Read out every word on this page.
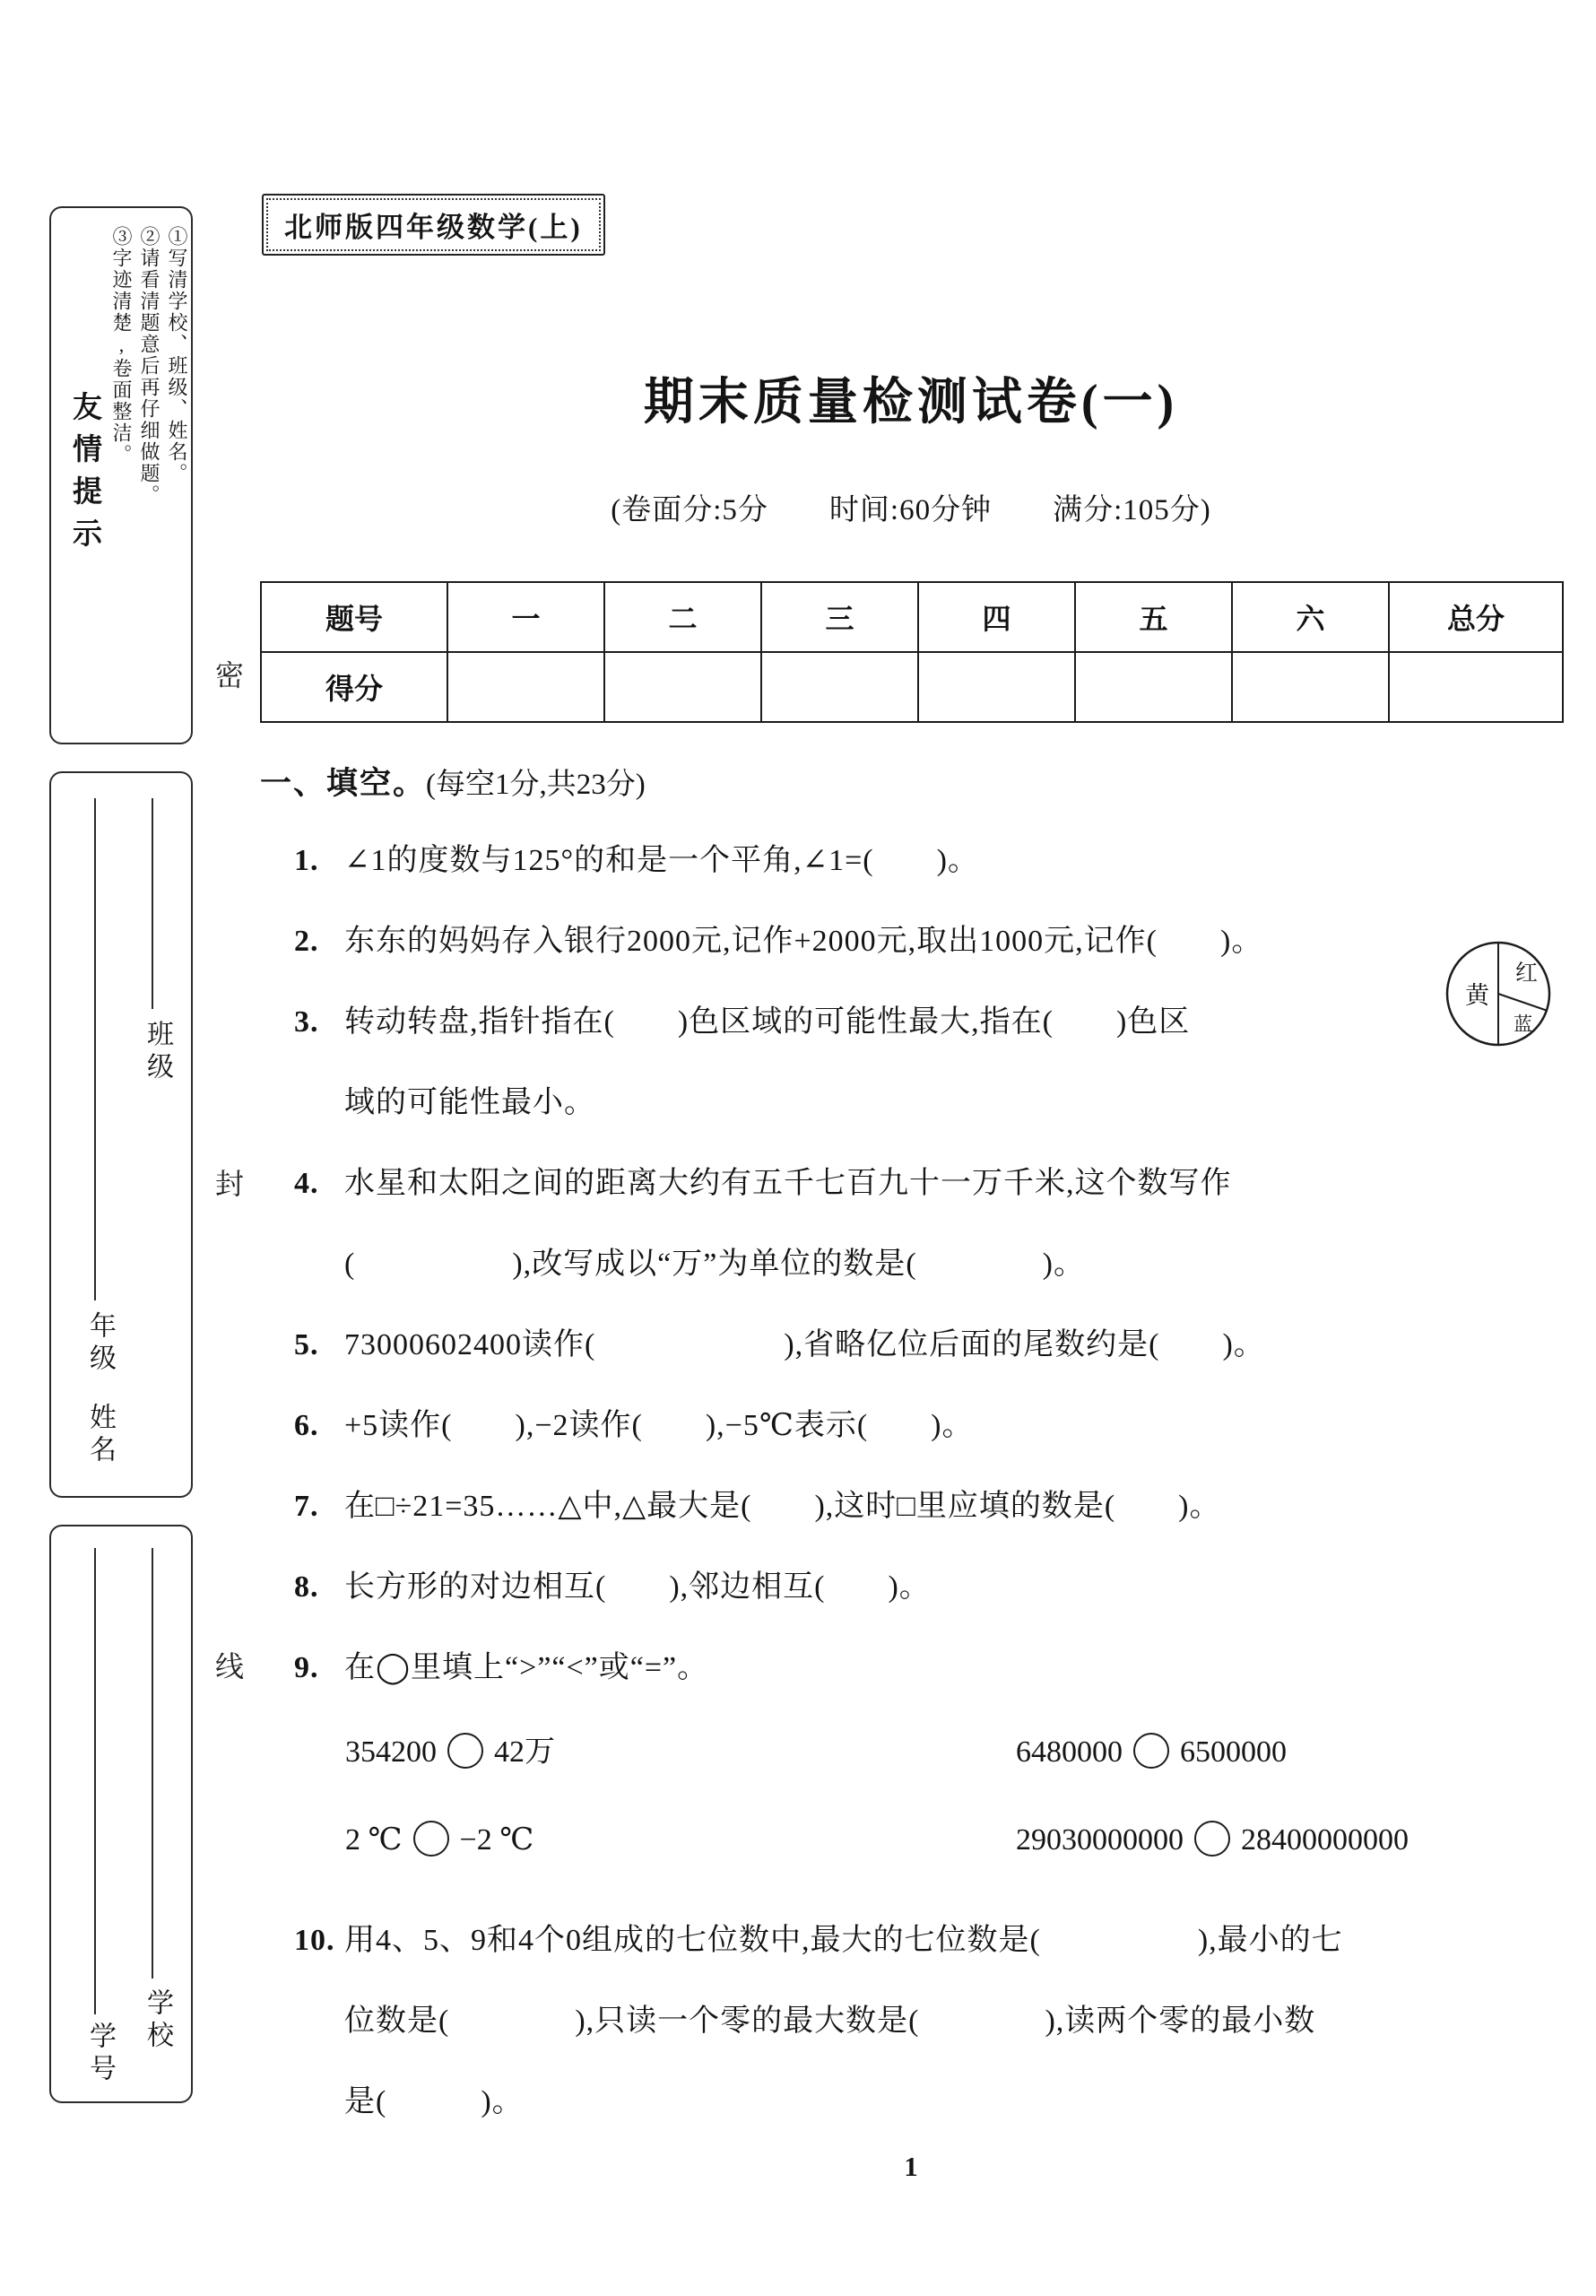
友情提示	①写清学校、班级、姓名。
②请看清题意后再仔细做题。
③字迹清楚,卷面整洁。
密
班级
年级
姓名
封
学校
学号
线
北师版四年级数学(上)
期末质量检测试卷(一)
(卷面分:5分　　时间:60分钟　　满分:105分)
题号	一	二	三	四	五	六	总分
得分							
一、填空。(每空1分,共23分)
黄
红
蓝
1. ∠1的度数与125°的和是一个平角,∠1=(　　)。
2. 东东的妈妈存入银行2000元,记作+2000元,取出1000元,记作(　　)。
3. 转动转盘,指针指在(　　)色区域的可能性最大,指在(　　)色区
域的可能性最小。
4. 水星和太阳之间的距离大约有五千七百九十一万千米,这个数写作
(　　　　　),改写成以“万”为单位的数是(　　　　)。
5. 73000602400读作(　　　　　　),省略亿位后面的尾数约是(　　)。
6. +5读作(　　),−2读作(　　),−5℃表示(　　)。
7. 在□÷21=35……△中,△最大是(　　),这时□里应填的数是(　　)。
8. 长方形的对边相互(　　),邻边相互(　　)。
9. 在◯里填上“>”“<”或“=”。
354200 42万	6480000 6500000
2 ℃ −2 ℃	29030000000 28400000000
10. 用4、5、9和4个0组成的七位数中,最大的七位数是(　　　　　),最小的七
位数是(　　　　),只读一个零的最大数是(　　　　),读两个零的最小数
是(　　　)。
1
